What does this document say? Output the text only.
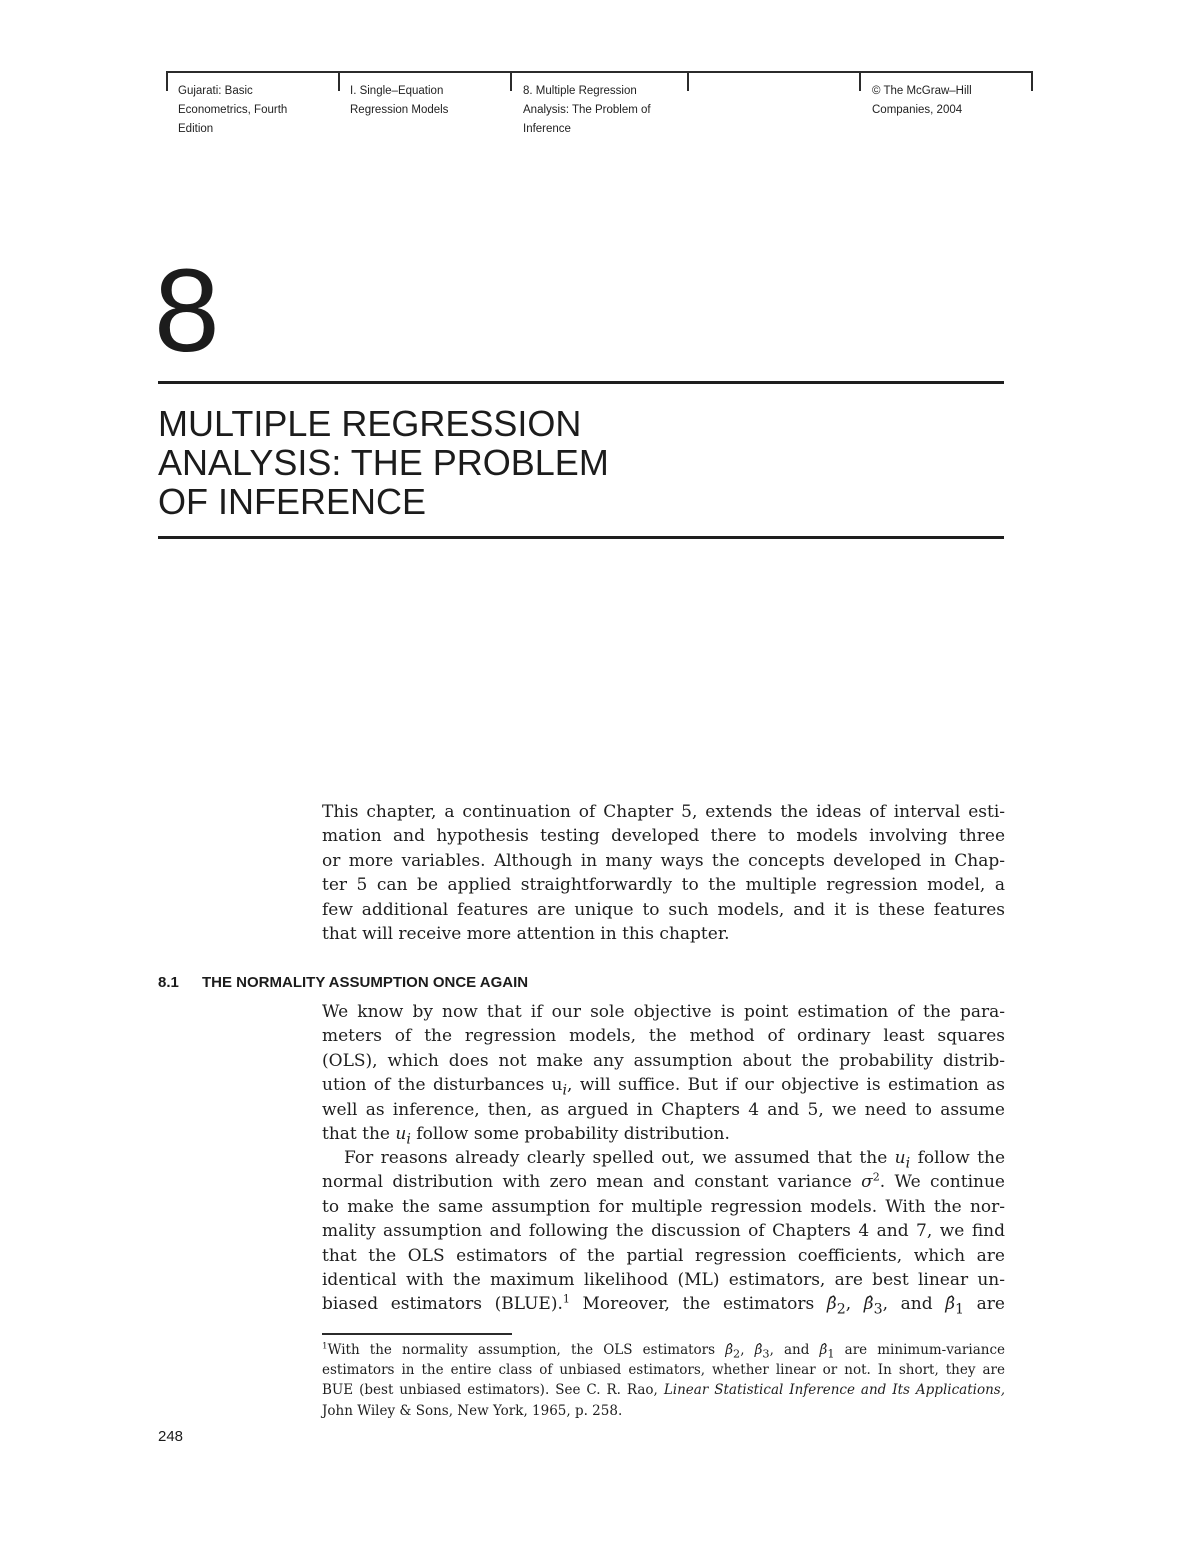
Gujarati: Basic
Econometrics, Fourth
Edition
I. Single–Equation
Regression Models
8. Multiple Regression
Analysis: The Problem of
Inference
© The McGraw–Hill
Companies, 2004
8
MULTIPLE REGRESSION
ANALYSIS: THE PROBLEM
OF INFERENCE
This chapter, a continuation of Chapter 5, extends the ideas of interval esti-
mation and hypothesis testing developed there to models involving three
or more variables. Although in many ways the concepts developed in Chap-
ter 5 can be applied straightforwardly to the multiple regression model, a
few additional features are unique to such models, and it is these features
that will receive more attention in this chapter.
8.1 THE NORMALITY ASSUMPTION ONCE AGAIN
We know by now that if our sole objective is point estimation of the para-
meters of the regression models, the method of ordinary least squares
(OLS), which does not make any assumption about the probability distrib-
ution of the disturbances $u_i$, will suffice. But if our objective is estimation as
well as inference, then, as argued in Chapters 4 and 5, we need to assume
that the $u_i$ follow some probability distribution.
For reasons already clearly spelled out, we assumed that the $u_i$ follow the
normal distribution with zero mean and constant variance $\sigma^2$. We continue
to make the same assumption for multiple regression models. With the nor-
mality assumption and following the discussion of Chapters 4 and 7, we find
that the OLS estimators of the partial regression coefficients, which are
identical with the maximum likelihood (ML) estimators, are best linear un-
biased estimators (BLUE).$^1$ Moreover, the estimators $\betâ_2$, $\betâ_3$, and $\betâ_1$ are
$^1$With the normality assumption, the OLS estimators $\betâ_2$, $\betâ_3$, and $\betâ_1$ are minimum-variance
estimators in the entire class of unbiased estimators, whether linear or not. In short, they are
BUE (best unbiased estimators). See C. R. Rao, Linear Statistical Inference and Its Applications,
John Wiley & Sons, New York, 1965, p. 258.
248
